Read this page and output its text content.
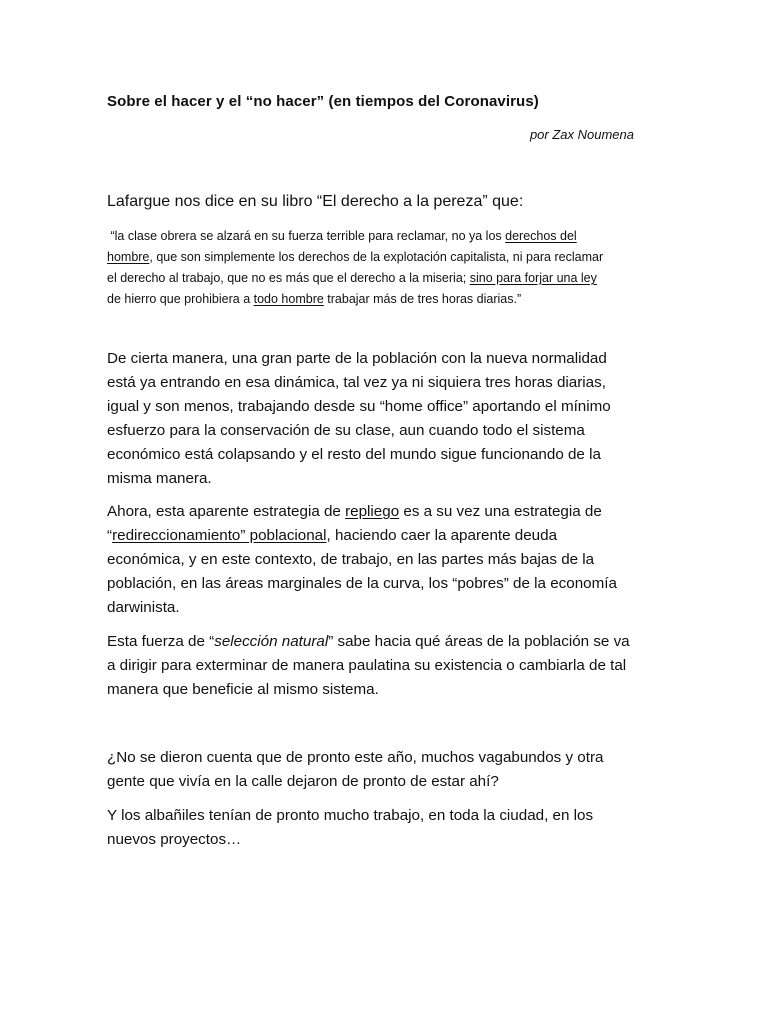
Sobre el hacer y el “no hacer” (en tiempos del Coronavirus)
por Zax Noumena
Lafargue nos dice en su libro “El derecho a la pereza” que:
“la clase obrera se alzará en su fuerza terrible para reclamar, no ya los derechos del
hombre, que son simplemente los derechos de la explotación capitalista, ni para reclamar
el derecho al trabajo, que no es más que el derecho a la miseria; sino para forjar una ley
de hierro que prohibiera a todo hombre trabajar más de tres horas diarias.”
De cierta manera, una gran parte de la población con la nueva normalidad
está ya entrando en esa dinámica, tal vez ya ni siquiera tres horas diarias,
igual y son menos, trabajando desde su “home office” aportando el mínimo
esfuerzo para la conservación de su clase, aun cuando todo el sistema
económico está colapsando y el resto del mundo sigue funcionando de la
misma manera.
Ahora, esta aparente estrategia de repliego es a su vez una estrategia de
“redireccionamiento” poblacional, haciendo caer la aparente deuda
económica, y en este contexto, de trabajo, en las partes más bajas de la
población, en las áreas marginales de la curva, los “pobres” de la economía
darwinista.
Esta fuerza de “selección natural” sabe hacia qué áreas de la población se va
a dirigir para exterminar de manera paulatina su existencia o cambiarla de tal
manera que beneficie al mismo sistema.
¿No se dieron cuenta que de pronto este año, muchos vagabundos y otra
gente que vivía en la calle dejaron de pronto de estar ahí?
Y los albañiles tenían de pronto mucho trabajo, en toda la ciudad, en los
nuevos proyectos…
